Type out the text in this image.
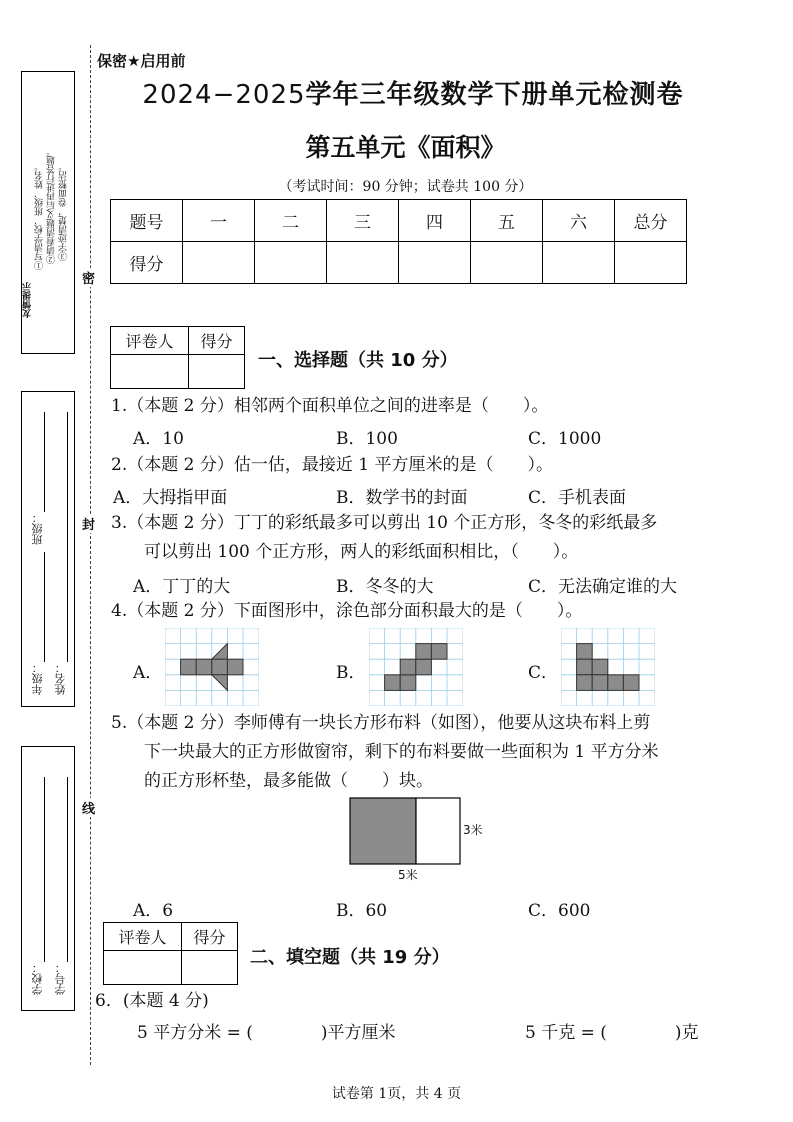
友情提示
①写清学校、班级、姓名。 ②请看清题义后再进行答题。 ③字迹清楚，卷面整洁。
班级：
年级： 姓名：
学校： 学号：
密
封
线
保密★启用前
2024−2025学年三年级数学下册单元检测卷
第五单元《面积》
（考试时间：90 分钟；试卷共 100 分）
题号	一	二	三	四	五	六	总分
得分							
评卷人	得分

一、选择题（共 10 分）
1.（本题 2 分）相邻两个面积单位之间的进率是（　　）。
A．10	B．100	C．1000
2.（本题 2 分）估一估，最接近 1 平方厘米的是（　　）。
A．大拇指甲面	B．数学书的封面	C．手机表面
3.（本题 2 分）丁丁的彩纸最多可以剪出 10 个正方形，冬冬的彩纸最多
可以剪出 100 个正方形，两人的彩纸面积相比，（　　）。
A．丁丁的大	B．冬冬的大	C．无法确定谁的大
4.（本题 2 分）下面图形中，涂色部分面积最大的是（　　）。
A．	B．	C．
5.（本题 2 分）李师傅有一块长方形布料（如图），他要从这块布料上剪
下一块最大的正方形做窗帘，剩下的布料要做一些面积为 1 平方分米
的正方形杯垫，最多能做（　　）块。
3米
5米
A．6	B．60	C．600
评卷人	得分

二、填空题（共 19 分）
6．(本题 4 分)
5 平方分米 = (　　　　)平方厘米	5 千克 = (　　　　)克
试卷第 1页，共 4 页
